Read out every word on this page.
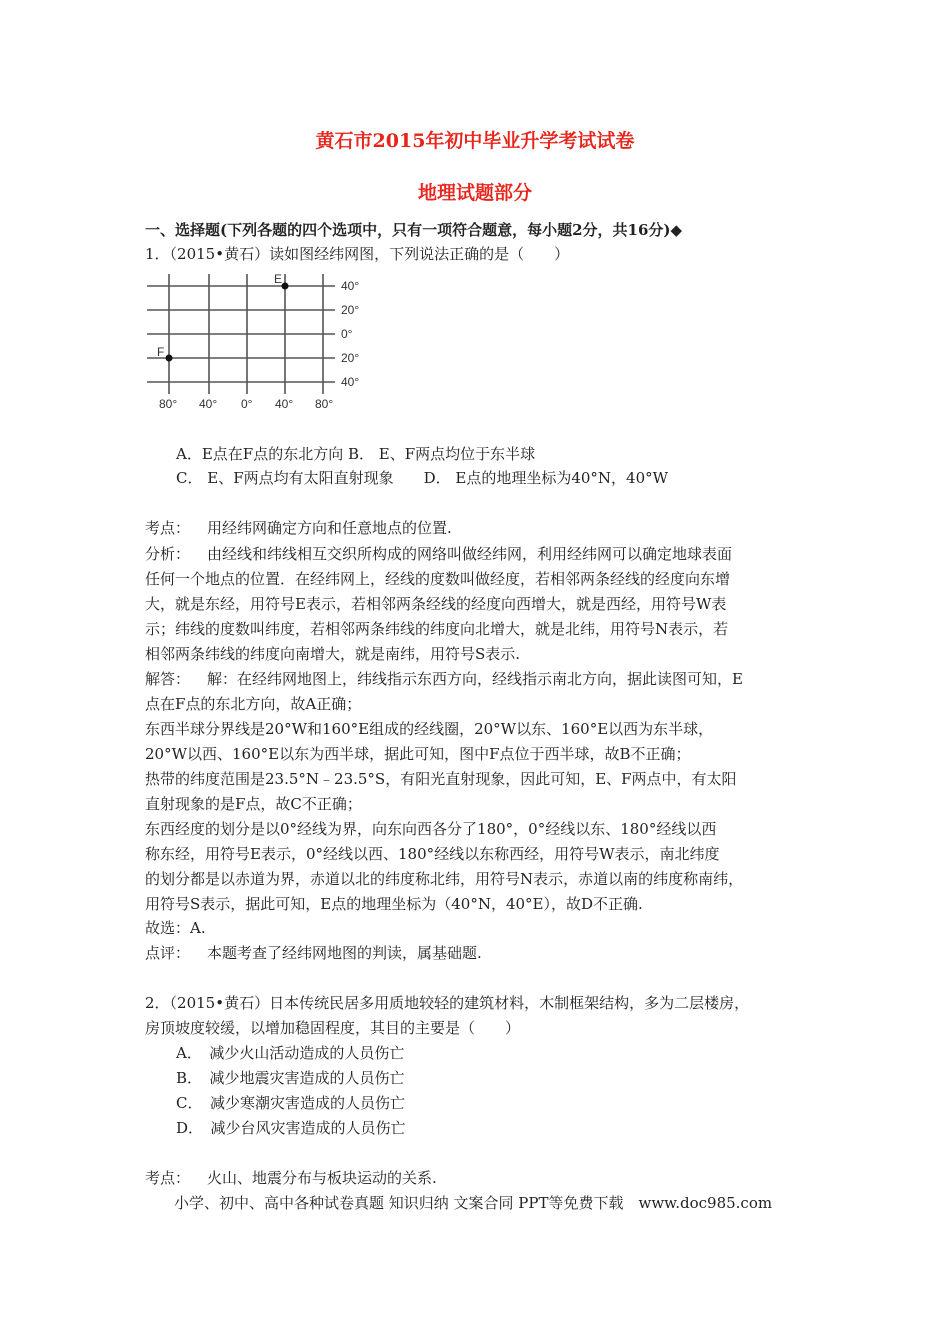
黄石市2015年初中毕业升学考试试卷
地理试题部分
一、选择题(下列各题的四个选项中，只有一项符合题意，每小题2分，共16分)◆
1．（2015•黄石）读如图经纬网图，下列说法正确的是（　　）
40°
20°
0°
20°
40°
80° 40° 0° 40° 80°
E
F
A．E点在F点的东北方向 B． E、F两点均位于东半球
C． E、F两点均有太阳直射现象　　D． E点的地理坐标为40°N，40°W
考点： 用经纬网确定方向和任意地点的位置.
分析： 由经线和纬线相互交织所构成的网络叫做经纬网，利用经纬网可以确定地球表面
任何一个地点的位置．在经纬网上，经线的度数叫做经度，若相邻两条经线的经度向东增
大，就是东经，用符号E表示，若相邻两条经线的经度向西增大，就是西经，用符号W表
示；纬线的度数叫纬度，若相邻两条纬线的纬度向北增大，就是北纬，用符号N表示，若
相邻两条纬线的纬度向南增大，就是南纬，用符号S表示.
解答： 解：在经纬网地图上，纬线指示东西方向，经线指示南北方向，据此读图可知，E
点在F点的东北方向，故A正确；
东西半球分界线是20°W和160°E组成的经线圈，20°W以东、160°E以西为东半球，
20°W以西、160°E以东为西半球，据此可知，图中F点位于西半球，故B不正确；
热带的纬度范围是23.5°N﹣23.5°S，有阳光直射现象，因此可知，E、F两点中，有太阳
直射现象的是F点，故C不正确；
东西经度的划分是以0°经线为界，向东向西各分了180°，0°经线以东、180°经线以西
称东经，用符号E表示，0°经线以西、180°经线以东称西经，用符号W表示，南北纬度
的划分都是以赤道为界，赤道以北的纬度称北纬，用符号N表示，赤道以南的纬度称南纬，
用符号S表示，据此可知，E点的地理坐标为（40°N，40°E），故D不正确.
故选：A.
点评： 本题考查了经纬网地图的判读，属基础题.
2．（2015•黄石）日本传统民居多用质地较轻的建筑材料，木制框架结构，多为二层楼房，
房顶坡度较缓，以增加稳固程度，其目的主要是（　　）
A．　减少火山活动造成的人员伤亡
B．　减少地震灾害造成的人员伤亡
C．　减少寒潮灾害造成的人员伤亡
D．　减少台风灾害造成的人员伤亡
考点： 火山、地震分布与板块运动的关系.
小学、初中、高中各种试卷真题 知识归纳 文案合同 PPT等免费下载　www.doc985.com
